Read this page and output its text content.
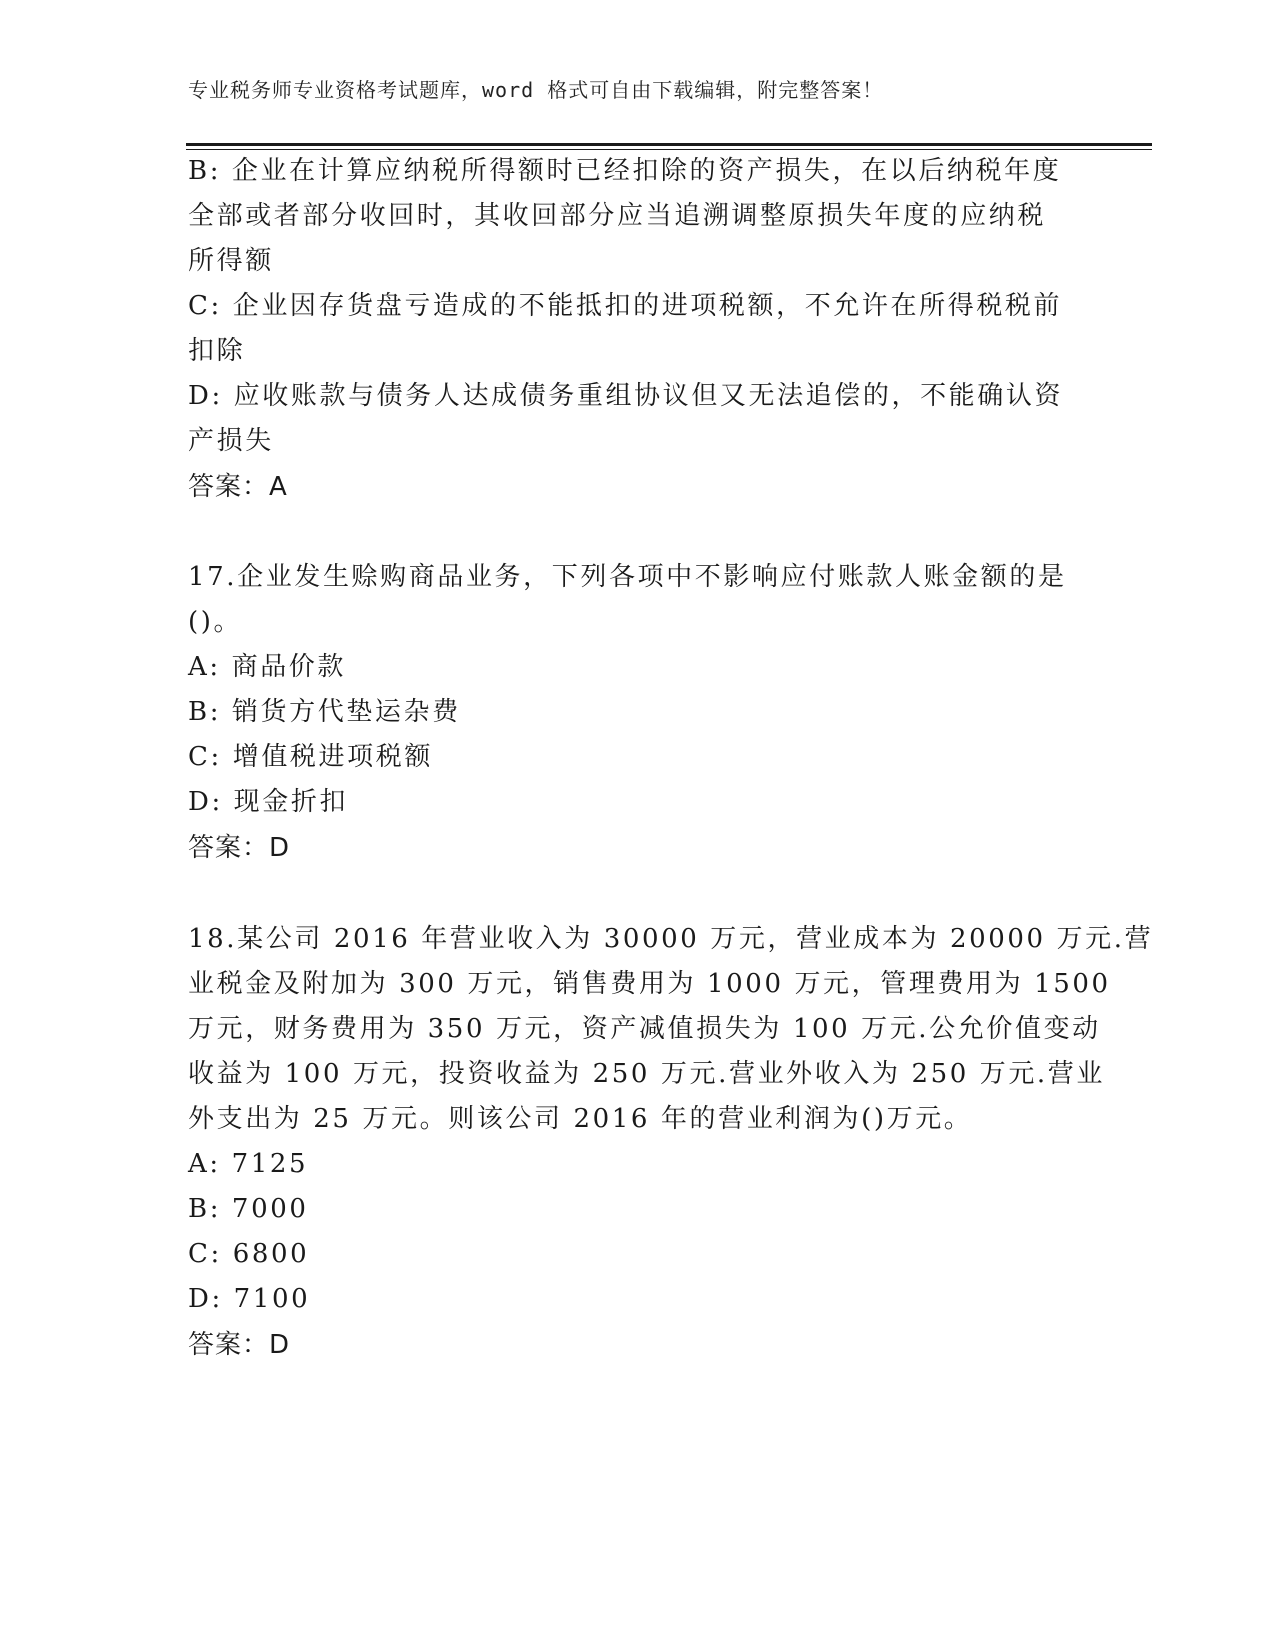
专业税务师专业资格考试题库，word 格式可自由下载编辑，附完整答案！
B: 企业在计算应纳税所得额时已经扣除的资产损失，在以后纳税年度
全部或者部分收回时，其收回部分应当追溯调整原损失年度的应纳税
所得额
C: 企业因存货盘亏造成的不能抵扣的进项税额，不允许在所得税税前
扣除
D: 应收账款与债务人达成债务重组协议但又无法追偿的，不能确认资
产损失
答案：A
17.企业发生赊购商品业务，下列各项中不影响应付账款人账金额的是
()。
A: 商品价款
B: 销货方代垫运杂费
C: 增值税进项税额
D: 现金折扣
答案：D
18.某公司 2016 年营业收入为 30000 万元，营业成本为 20000 万元.营
业税金及附加为 300 万元，销售费用为 1000 万元，管理费用为 1500
万元，财务费用为 350 万元，资产减值损失为 100 万元.公允价值变动
收益为 100 万元，投资收益为 250 万元.营业外收入为 250 万元.营业
外支出为 25 万元。则该公司 2016 年的营业利润为()万元。
A: 7125
B: 7000
C: 6800
D: 7100
答案：D
